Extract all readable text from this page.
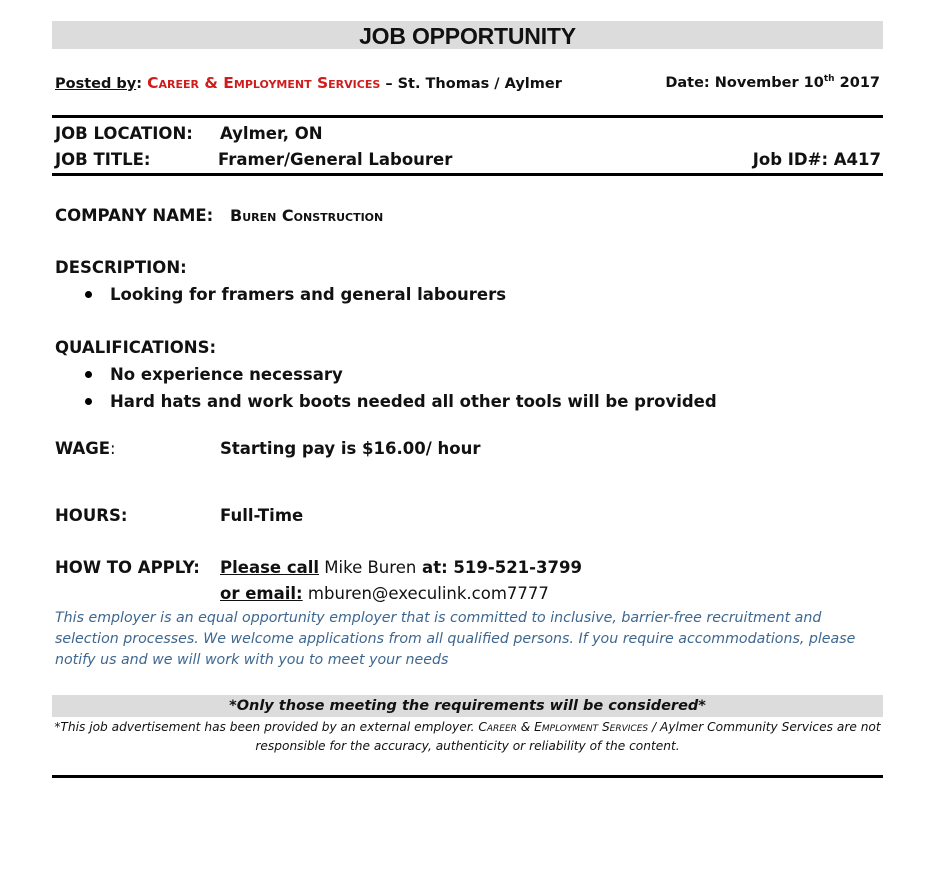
JOB OPPORTUNITY
Posted by: Career & Employment Services – St. Thomas / Aylmer	Date: November 10th 2017
JOB LOCATION: Aylmer, ON
JOB TITLE:	Framer/General Labourer	Job ID#: A417
COMPANY NAME: Buren Construction
DESCRIPTION:
Looking for framers and general labourers
QUALIFICATIONS:
No experience necessary
Hard hats and work boots needed all other tools will be provided
WAGE:	Starting pay is $16.00/ hour
HOURS:	Full-Time
HOW TO APPLY: Please call Mike Buren at: 519-521-3799
or email: mburen@execulink.com7777
This employer is an equal opportunity employer that is committed to inclusive, barrier-free recruitment and selection processes. We welcome applications from all qualified persons. If you require accommodations, please notify us and we will work with you to meet your needs
*Only those meeting the requirements will be considered*
*This job advertisement has been provided by an external employer. Career & Employment Services / Aylmer Community Services are not responsible for the accuracy, authenticity or reliability of the content.
